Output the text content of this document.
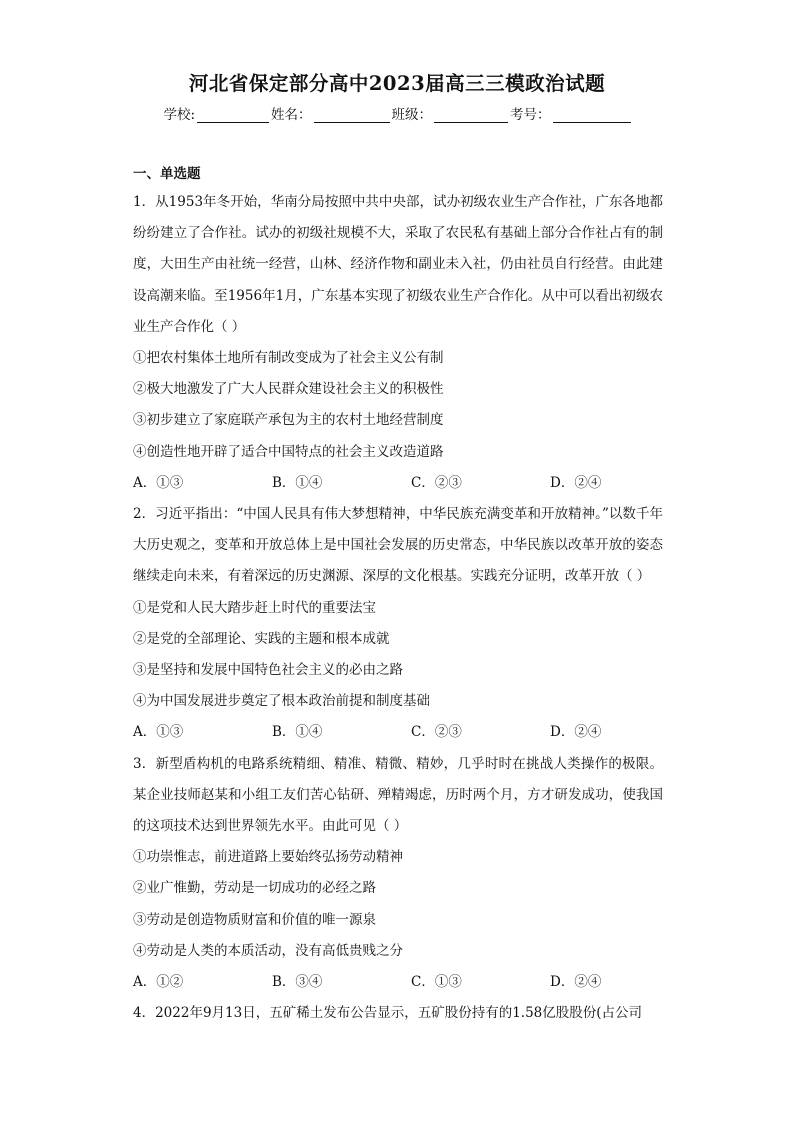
河北省保定部分高中2023届高三三模政治试题
学校:	姓名：	班级：	考号：
一、单选题
1．从1953年冬开始，华南分局按照中共中央部，试办初级农业生产合作社，广东各地都纷纷建立了合作社。试办的初级社规模不大，采取了农民私有基础上部分合作社占有的制度，大田生产由社统一经营，山林、经济作物和副业未入社，仍由社员自行经营。由此建设高潮来临。至1956年1月，广东基本实现了初级农业生产合作化。从中可以看出初级农业生产合作化（ ）
①把农村集体土地所有制改变成为了社会主义公有制
②极大地激发了广大人民群众建设社会主义的积极性
③初步建立了家庭联产承包为主的农村土地经营制度
④创造性地开辟了适合中国特点的社会主义改造道路
A．①③	B．①④	C．②③	D．②④
2．习近平指出：“中国人民具有伟大梦想精神，中华民族充满变革和开放精神。”以数千年大历史观之，变革和开放总体上是中国社会发展的历史常态，中华民族以改革开放的姿态继续走向未来，有着深远的历史渊源、深厚的文化根基。实践充分证明，改革开放（ ）
①是党和人民大踏步赶上时代的重要法宝
②是党的全部理论、实践的主题和根本成就
③是坚持和发展中国特色社会主义的必由之路
④为中国发展进步奠定了根本政治前提和制度基础
A．①③	B．①④	C．②③	D．②④
3．新型盾构机的电路系统精细、精准、精微、精妙，几乎时时在挑战人类操作的极限。某企业技师赵某和小组工友们苦心钻研、殚精竭虑，历时两个月，方才研发成功，使我国的这项技术达到世界领先水平。由此可见（ ）
①功崇惟志，前进道路上要始终弘扬劳动精神
②业广惟勤，劳动是一切成功的必经之路
③劳动是创造物质财富和价值的唯一源泉
④劳动是人类的本质活动，没有高低贵贱之分
A．①②	B．③④	C．①③	D．②④
4．2022年9月13日，五矿稀土发布公告显示，五矿股份持有的1.58亿股股份(占公司
